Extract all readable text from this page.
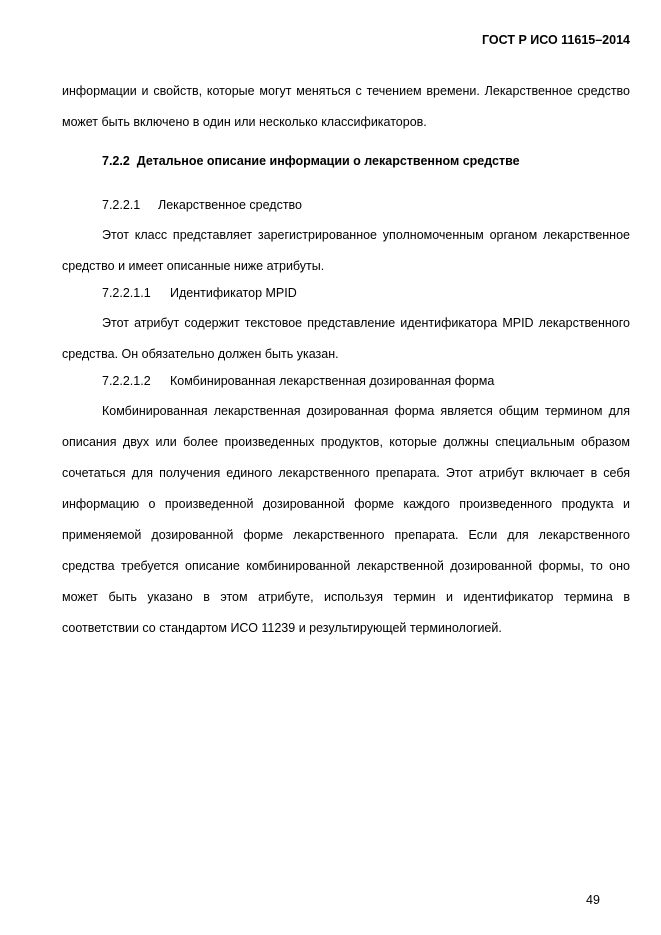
ГОСТ Р ИСО 11615–2014

информации и свойств, которые могут меняться с течением времени. Лекарственное средство может быть включено в один или несколько классификаторов.

7.2.2 Детальное описание информации о лекарственном средстве

7.2.2.1 Лекарственное средство

Этот класс представляет зарегистрированное уполномоченным органом лекарственное средство и имеет описанные ниже атрибуты.

7.2.2.1.1 Идентификатор MPID

Этот атрибут содержит текстовое представление идентификатора MPID лекарственного средства. Он обязательно должен быть указан.

7.2.2.1.2 Комбинированная лекарственная дозированная форма

Комбинированная лекарственная дозированная форма является общим термином для описания двух или более произведенных продуктов, которые должны специальным образом сочетаться для получения единого лекарственного препарата. Этот атрибут включает в себя информацию о произведенной дозированной форме каждого произведенного продукта и применяемой дозированной форме лекарственного препарата. Если для лекарственного средства требуется описание комбинированной лекарственной дозированной формы, то оно может быть указано в этом атрибуте, используя термин и идентификатор термина в соответствии со стандартом ИСО 11239 и результирующей терминологией.

49
